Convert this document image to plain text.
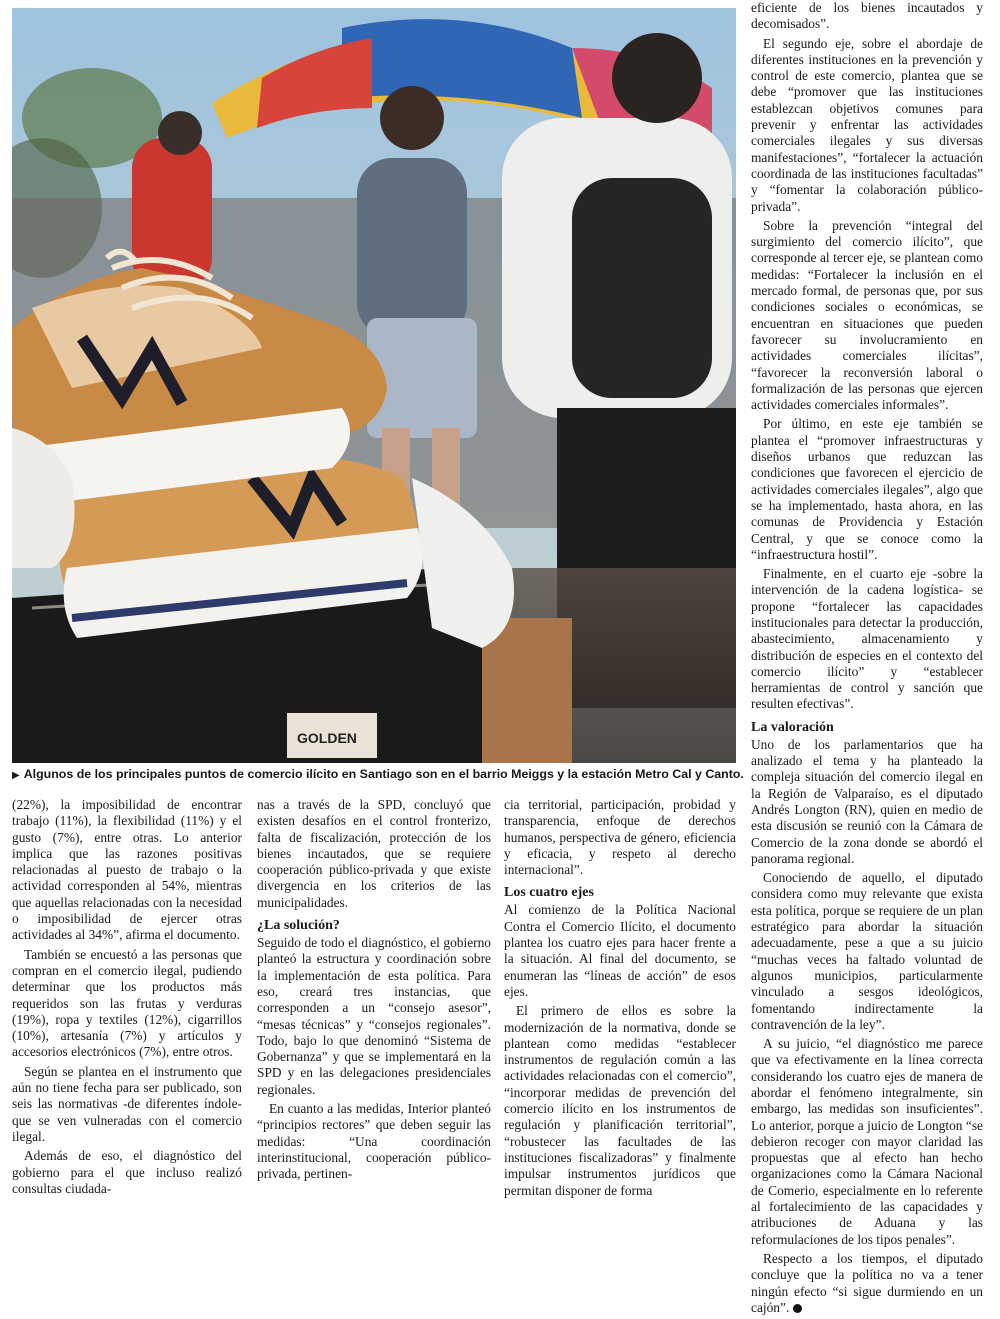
GOLDEN
▶ Algunos de los principales puntos de comercio ilícito en Santiago son en el barrio Meiggs y la estación Metro Cal y Canto.

(22%), la imposibilidad de encontrar trabajo (11%), la flexibilidad (11%) y el gusto (7%), entre otras. Lo anterior implica que las razones positivas relacionadas al puesto de trabajo o la actividad corresponden al 54%, mientras que aquellas relacionadas con la necesidad o imposibilidad de ejercer otras actividades al 34%”, afirma el documento.

También se encuestó a las personas que compran en el comercio ilegal, pudiendo determinar que los productos más requeridos son las frutas y verduras (19%), ropa y textiles (12%), cigarrillos (10%), artesanía (7%) y artículos y accesorios electrónicos (7%), entre otros.

Según se plantea en el instrumento que aún no tiene fecha para ser publicado, son seis las normativas -de diferentes índole- que se ven vulneradas con el comercio ilegal.

Además de eso, el diagnóstico del gobierno para el que incluso realizó consultas ciudada-

nas a través de la SPD, concluyó que existen desafíos en el control fronterizo, falta de fiscalización, protección de los bienes incautados, que se requiere cooperación público-privada y que existe divergencia en los criterios de las municipalidades.

¿La solución?

Seguido de todo el diagnóstico, el gobierno planteó la estructura y coordinación sobre la implementación de esta política. Para eso, creará tres instancias, que corresponden a un “consejo asesor”, “mesas técnicas” y “consejos regionales”. Todo, bajo lo que denominó “Sistema de Gobernanza” y que se implementará en la SPD y en las delegaciones presidenciales regionales.

En cuanto a las medidas, Interior planteó “principios rectores” que deben seguir las medidas: “Una coordinación interinstitucional, cooperación público-privada, pertinen-

cia territorial, participación, probidad y transparencia, enfoque de derechos humanos, perspectiva de género, eficiencia y eficacia, y respeto al derecho internacional”.

Los cuatro ejes

Al comienzo de la Política Nacional Contra el Comercio Ilícito, el documento plantea los cuatro ejes para hacer frente a la situación. Al final del documento, se enumeran las “líneas de acción” de esos ejes.

El primero de ellos es sobre la modernización de la normativa, donde se plantean como medidas “establecer instrumentos de regulación común a las actividades relacionadas con el comercio”, “incorporar medidas de prevención del comercio ilícito en los instrumentos de regulación y planificación territorial”, “robustecer las facultades de las instituciones fiscalizadoras” y finalmente impulsar instrumentos jurídicos que permitan disponer de forma

eficiente de los bienes incautados y decomisados”.

El segundo eje, sobre el abordaje de diferentes instituciones en la prevención y control de este comercio, plantea que se debe “promover que las instituciones establezcan objetivos comunes para prevenir y enfrentar las actividades comerciales ilegales y sus diversas manifestaciones”, “fortalecer la actuación coordinada de las instituciones facultadas” y “fomentar la colaboración público-privada”.

Sobre la prevención “integral del surgimiento del comercio ilícito”, que corresponde al tercer eje, se plantean como medidas: “Fortalecer la inclusión en el mercado formal, de personas que, por sus condiciones sociales o económicas, se encuentran en situaciones que pueden favorecer su involucramiento en actividades comerciales ilícitas”, “favorecer la reconversión laboral o formalización de las personas que ejercen actividades comerciales informales”.

Por último, en este eje también se plantea el “promover infraestructuras y diseños urbanos que reduzcan las condiciones que favorecen el ejercicio de actividades comerciales ilegales”, algo que se ha implementado, hasta ahora, en las comunas de Providencia y Estación Central, y que se conoce como la “infraestructura hostil”.

Finalmente, en el cuarto eje -sobre la intervención de la cadena logística- se propone “fortalecer las capacidades institucionales para detectar la producción, abastecimiento, almacenamiento y distribución de especies en el contexto del comercio ilícito” y “establecer herramientas de control y sanción que resulten efectivas”.

La valoración

Uno de los parlamentarios que ha analizado el tema y ha planteado la compleja situación del comercio ilegal en la Región de Valparaíso, es el diputado Andrés Longton (RN), quien en medio de esta discusión se reunió con la Cámara de Comercio de la zona donde se abordó el panorama regional.

Conociendo de aquello, el diputado considera como muy relevante que exista esta política, porque se requiere de un plan estratégico para abordar la situación adecuadamente, pese a que a su juicio “muchas veces ha faltado voluntad de algunos municipios, particularmente vinculado a sesgos ideológicos, fomentando indirectamente la contravención de la ley”.

A su juicio, “el diagnóstico me parece que va efectivamente en la línea correcta considerando los cuatro ejes de manera de abordar el fenómeno integralmente, sin embargo, las medidas son insuficientes”. Lo anterior, porque a juicio de Longton “se debieron recoger con mayor claridad las propuestas que al efecto han hecho organizaciones como la Cámara Nacional de Comerio, especialmente en lo referente al fortalecimiento de las capacidades y atribuciones de Aduana y las reformulaciones de los tipos penales”.

Respecto a los tiempos, el diputado concluye que la política no va a tener ningún efecto “si sigue durmiendo en un cajón”.
